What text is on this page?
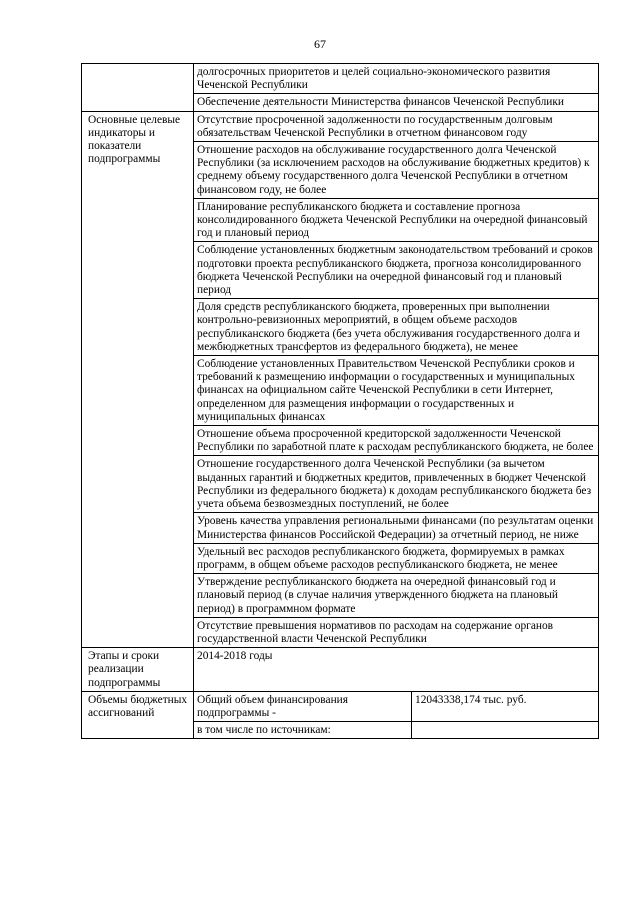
67
	долгосрочных приоритетов и целей социально-экономического развития Чеченской Республики	
	Обеспечение деятельности Министерства финансов Чеченской Республики	
Основные целевые индикаторы и показатели подпрограммы	Отсутствие просроченной задолженности по государственным долговым обязательствам Чеченской Республики в отчетном финансовом году	
	Отношение расходов на обслуживание государственного долга Чеченской Республики (за исключением расходов на обслуживание бюджетных кредитов) к среднему объему государственного долга Чеченской Республики в отчетном финансовом году, не более	
	Планирование республиканского бюджета и составление прогноза консолидированного бюджета Чеченской Республики на очередной финансовый год и плановый период	
	Соблюдение установленных бюджетным законодательством требований и сроков подготовки проекта республиканского бюджета, прогноза консолидированного бюджета Чеченской Республики на очередной финансовый год и плановый период	
	Доля средств республиканского бюджета, проверенных при выполнении контрольно-ревизионных мероприятий, в общем объеме расходов республиканского бюджета (без учета обслуживания государственного долга и межбюджетных трансфертов из федерального бюджета), не менее	
	Соблюдение установленных Правительством Чеченской Республики сроков и требований к размещению информации о государственных и муниципальных финансах на официальном сайте Чеченской Республики в сети Интернет, определенном для размещения информации о государственных и муниципальных финансах	
	Отношение объема просроченной кредиторской задолженности Чеченской Республики по заработной плате к расходам республиканского бюджета, не более	
	Отношение государственного долга Чеченской Республики (за вычетом выданных гарантий и бюджетных кредитов, привлеченных в бюджет Чеченской Республики из федерального бюджета) к доходам республиканского бюджета без учета объема безвозмездных поступлений, не более	
	Уровень качества управления региональными финансами (по результатам оценки Министерства финансов Российской Федерации) за отчетный период, не ниже	
	Удельный вес расходов республиканского бюджета, формируемых в рамках программ, в общем объеме расходов республиканского бюджета, не менее	
	Утверждение республиканского бюджета на очередной финансовый год и плановый период (в случае наличия утвержденного бюджета на плановый период) в программном формате	
	Отсутствие превышения нормативов по расходам на содержание органов государственной власти Чеченской Республики	
Этапы и сроки реализации подпрограммы	2014-2018 годы	
Объемы бюджетных ассигнований	Общий объем финансирования подпрограммы -	12043338,174 тыс. руб.
	в том числе по источникам:	
